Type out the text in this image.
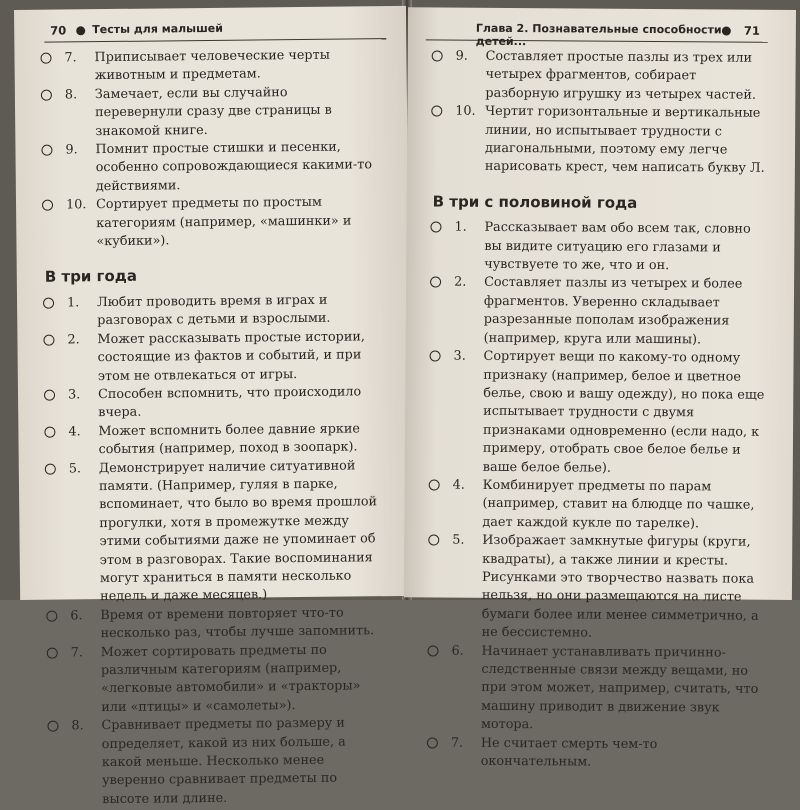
70 Тесты для малышей
7. Приписывает человеческие черты животным и предметам.
8. Замечает, если вы случайно перевернули сразу две страницы в знакомой книге.
9. Помнит простые стишки и песенки, особенно сопровождающиеся какими-то действиями.
10. Сортирует предметы по простым категориям (например, «машинки» и «кубики»).
В три года
1. Любит проводить время в играх и разговорах с детьми и взрослыми.
2. Может рассказывать простые истории, состоящие из фактов и событий, и при этом не отвлекаться от игры.
3. Способен вспомнить, что происходило вчера.
4. Может вспомнить более давние яркие события (например, поход в зоопарк).
5. Демонстрирует наличие ситуативной памяти. (Например, гуляя в парке, вспоминает, что было во время прошлой прогулки, хотя в промежутке между этими событиями даже не упоминает об этом в разговорах. Такие воспоминания могут храниться в памяти несколько недель и даже месяцев.)
6. Время от времени повторяет что-то несколько раз, чтобы лучше запомнить.
7. Может сортировать предметы по различным категориям (например, «легковые автомобили» и «тракторы» или «птицы» и «самолеты»).
8. Сравнивает предметы по размеру и определяет, какой из них больше, а какой меньше. Несколько менее уверенно сравнивает предметы по высоте или длине.
Глава 2. Познавательные способности детей...
71
9. Составляет простые пазлы из трех или четырех фрагментов, собирает разборную игрушку из четырех частей.
10. Чертит горизонтальные и вертикальные линии, но испытывает трудности с диагональными, поэтому ему легче нарисовать крест, чем написать букву Л.
В три с половиной года
1. Рассказывает вам обо всем так, словно вы видите ситуацию его глазами и чувствуете то же, что и он.
2. Составляет пазлы из четырех и более фрагментов. Уверенно складывает разрезанные пополам изображения (например, круга или машины).
3. Сортирует вещи по какому-то одному признаку (например, белое и цветное белье, свою и вашу одежду), но пока еще испытывает трудности с двумя признаками одновременно (если надо, к примеру, отобрать свое белое белье и ваше белое белье).
4. Комбинирует предметы по парам (например, ставит на блюдце по чашке, дает каждой кукле по тарелке).
5. Изображает замкнутые фигуры (круги, квадраты), а также линии и кресты. Рисунками это творчество назвать пока нельзя, но они размещаются на листе бумаги более или менее симметрично, а не бессистемно.
6. Начинает устанавливать причинно-следственные связи между вещами, но при этом может, например, считать, что машину приводит в движение звук мотора.
7. Не считает смерть чем-то окончательным.
